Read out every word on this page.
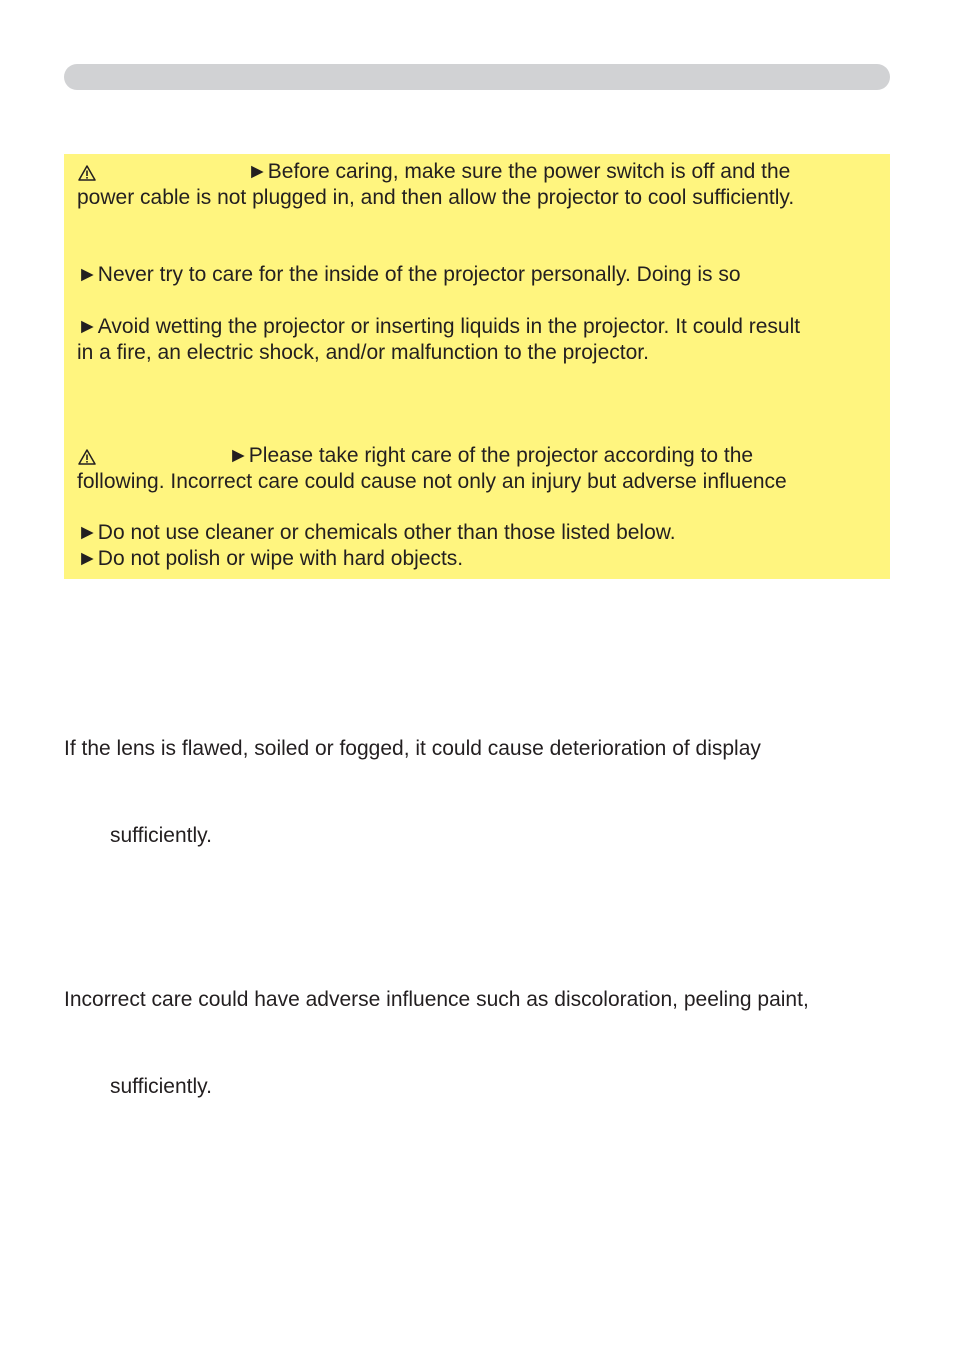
►Before caring, make sure the power switch is off and the

power cable is not plugged in, and then allow the projector to cool sufficiently.

►Never try to care for the inside of the projector personally. Doing is so

►Avoid wetting the projector or inserting liquids in the projector. It could result

in a fire, an electric shock, and/or malfunction to the projector.

►Please take right care of the projector according to the

following. Incorrect care could cause not only an injury but adverse influence

►Do not use cleaner or chemicals other than those listed below.

►Do not polish or wipe with hard objects.

If the lens is flawed, soiled or fogged, it could cause deterioration of display

sufficiently.

Incorrect care could have adverse influence such as discoloration, peeling paint,

sufficiently.
